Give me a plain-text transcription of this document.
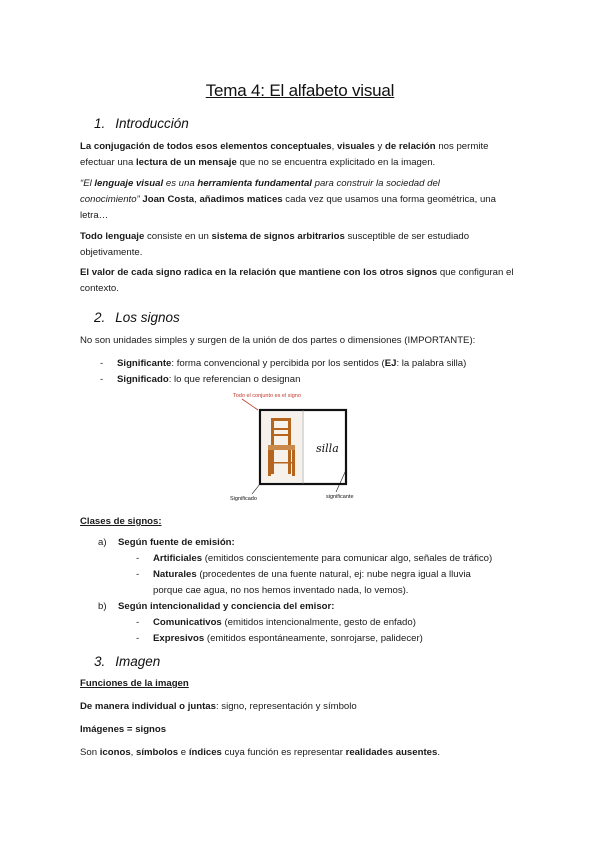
Tema 4: El alfabeto visual
1. Introducción
La conjugación de todos esos elementos conceptuales, visuales y de relación nos permite
efectuar una lectura de un mensaje que no se encuentra explicitado en la imagen.
“El lenguaje visual es una herramienta fundamental para construir la sociedad del
conocimiento” Joan Costa, añadimos matices cada vez que usamos una forma geométrica, una
letra…
Todo lenguaje consiste en un sistema de signos arbitrarios susceptible de ser estudiado
objetivamente.
El valor de cada signo radica en la relación que mantiene con los otros signos que configuran el
contexto.
2. Los signos
No son unidades simples y surgen de la unión de dos partes o dimensiones (IMPORTANTE):
- Significante: forma convencional y percibida por los sentidos (EJ: la palabra silla)
- Significado: lo que referencian o designan
Todo el conjunto es el signo
silla
Significado	significante
Clases de signos:
a) Según fuente de emisión:
- Artificiales (emitidos conscientemente para comunicar algo, señales de tráfico)
- Naturales (procedentes de una fuente natural, ej: nube negra igual a lluvia
porque cae agua, no nos hemos inventado nada, lo vemos).
b) Según intencionalidad y conciencia del emisor:
- Comunicativos (emitidos intencionalmente, gesto de enfado)
- Expresivos (emitidos espontáneamente, sonrojarse, palidecer)
3. Imagen
Funciones de la imagen
De manera individual o juntas: signo, representación y símbolo
Imágenes = signos
Son iconos, símbolos e índices cuya función es representar realidades ausentes.
